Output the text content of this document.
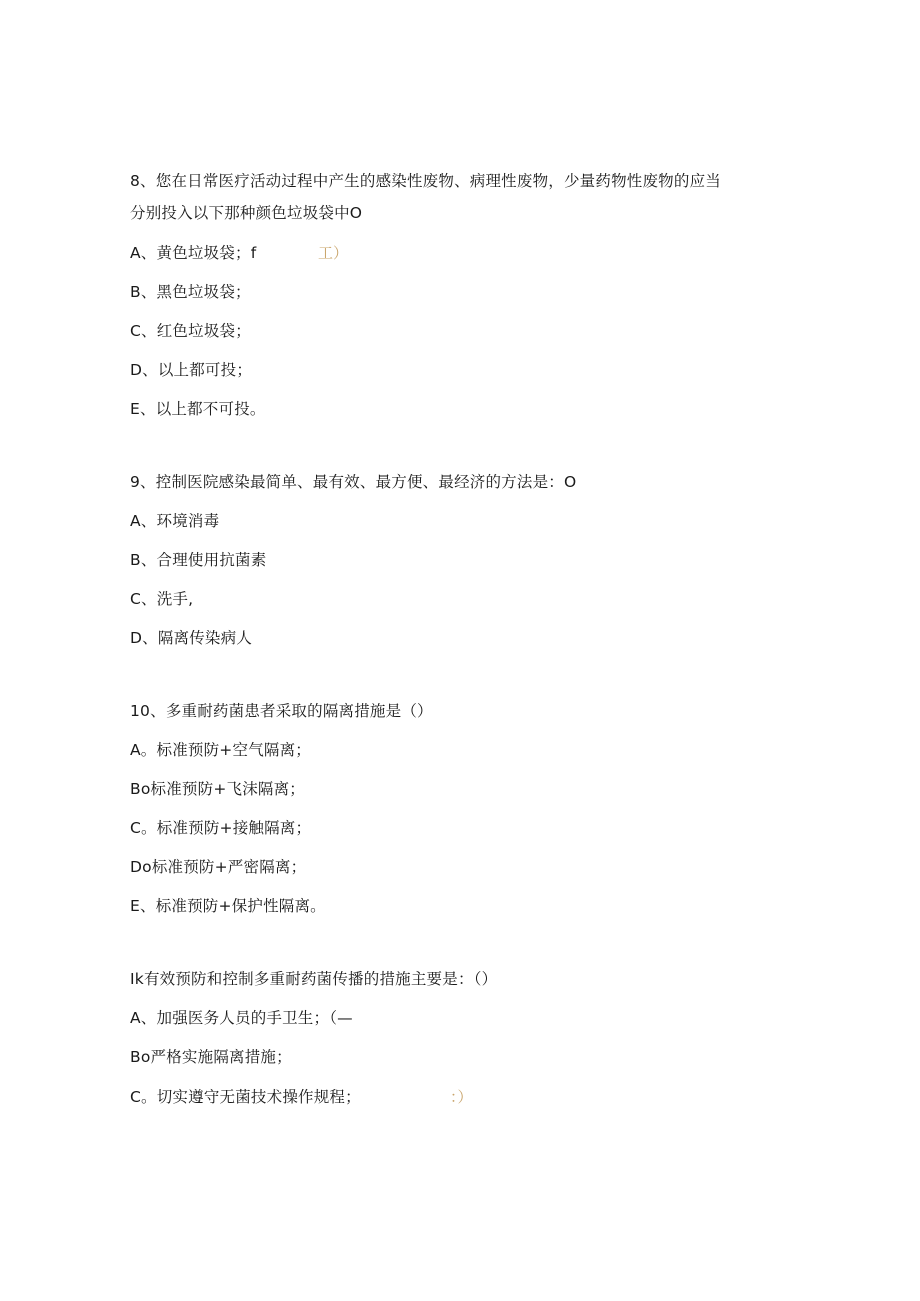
8、您在日常医疗活动过程中产生的感染性废物、病理性废物，少量药物性废物的应当
分别投入以下那种颜色垃圾袋中O
A、黄色垃圾袋；f	工）
B、黑色垃圾袋；
C、红色垃圾袋；
D、以上都可投；
E、以上都不可投。
9、控制医院感染最简单、最有效、最方便、最经济的方法是：O
A、环境消毒
B、合理使用抗菌素
C、洗手,
D、隔离传染病人
10、多重耐药菌患者采取的隔离措施是（）
A。标准预防+空气隔离；
Bo标准预防+飞沫隔离；
C。标准预防+接触隔离；
Do标准预防+严密隔离；
E、标准预防+保护性隔离。
Ik有效预防和控制多重耐药菌传播的措施主要是：（）
A、加强医务人员的手卫生；（—
Bo严格实施隔离措施；
C。切实遵守无菌技术操作规程；	：）
